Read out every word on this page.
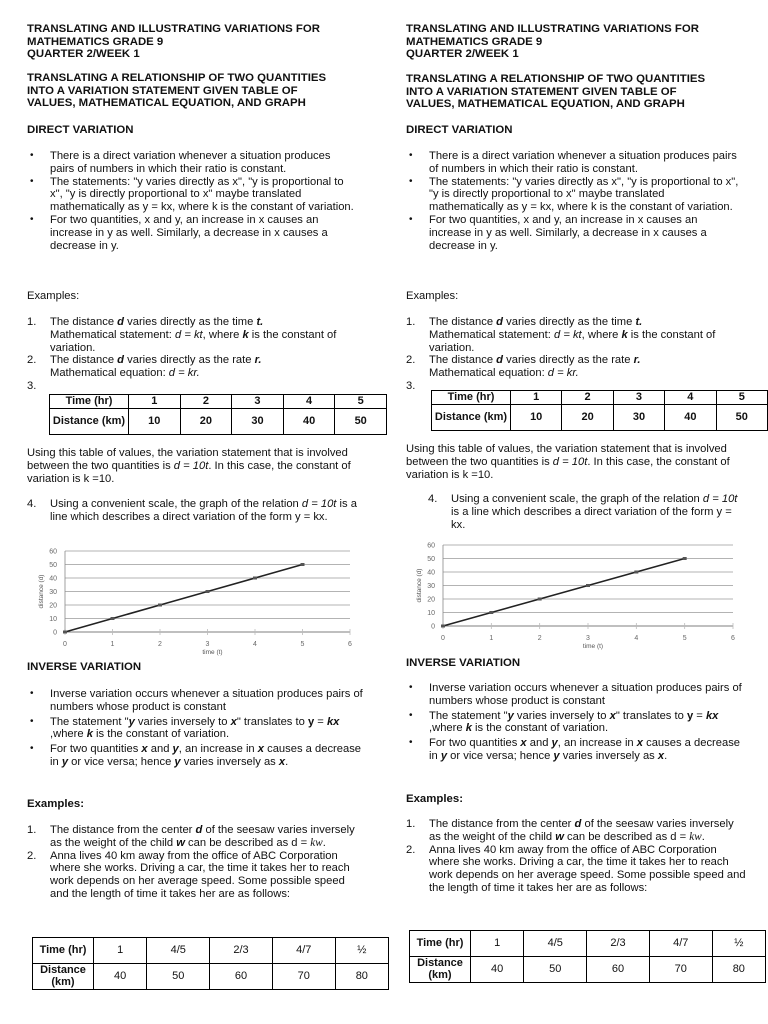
TRANSLATING AND ILLUSTRATING VARIATIONS FOR

MATHEMATICS GRADE 9

QUARTER 2/WEEK 1

TRANSLATING A RELATIONSHIP OF TWO QUANTITIES

INTO A VARIATION STATEMENT GIVEN TABLE OF

VALUES, MATHEMATICAL EQUATION, AND GRAPH

DIRECT VARIATION

• There is a direct variation whenever a situation produces pairs of numbers in which their ratio is constant.
• The statements: "y varies directly as x", "y is proportional to x", "y is directly proportional to x" maybe translated mathematically as y = kx, where k is the constant of variation.
• For two quantities, x and y, an increase in x causes an increase in y as well. Similarly, a decrease in x causes a decrease in y.

Examples:

1. The distance d varies directly as the time t.
Mathematical statement: d = kt, where k is the constant of variation.
2. The distance d varies directly as the rate r.
Mathematical equation: d = kr.
3.

Time (hr)	1	2	3	4	5
Distance (km)	10	20	30	40	50

Using this table of values, the variation statement that is involved between the two quantities is d = 10t. In this case, the constant of variation is k =10.

4. Using a convenient scale, the graph of the relation d = 10t is a line which describes a direct variation of the form y = kx.

INVERSE VARIATION

• Inverse variation occurs whenever a situation produces pairs of numbers whose product is constant
• The statement "y varies inversely to x" translates to y = kx ,where k is the constant of variation.
• For two quantities x and y, an increase in x causes a decrease in y or vice versa; hence y varies inversely as x.

Examples:

1. The distance from the center d of the seesaw varies inversely as the weight of the child w can be described as d = kw.
2. Anna lives 40 km away from the office of ABC Corporation where she works. Driving a car, the time it takes her to reach work depends on her average speed. Some possible speed and the length of time it takes her are as follows:
Time (hr)	1	4/5	2/3	4/7	½
Distance (km)	40	50	60	70	80
0
10
20
30
40
50
60
0	1	2	3	4	5	6
time (t)
distance (d)

TRANSLATING AND ILLUSTRATING VARIATIONS FOR

MATHEMATICS GRADE 9

QUARTER 2/WEEK 1

TRANSLATING A RELATIONSHIP OF TWO QUANTITIES

INTO A VARIATION STATEMENT GIVEN TABLE OF

VALUES, MATHEMATICAL EQUATION, AND GRAPH

DIRECT VARIATION

• There is a direct variation whenever a situation produces pairs of numbers in which their ratio is constant.
• The statements: "y varies directly as x", "y is proportional to x", "y is directly proportional to x" maybe translated mathematically as y = kx, where k is the constant of variation.
• For two quantities, x and y, an increase in x causes an increase in y as well. Similarly, a decrease in x causes a decrease in y.

Examples:

1. The distance d varies directly as the time t.
Mathematical statement: d = kt, where k is the constant of variation.
2. The distance d varies directly as the rate r.
Mathematical equation: d = kr.
3.

Time (hr)	1	2	3	4	5
Distance (km)	10	20	30	40	50

Using this table of values, the variation statement that is involved between the two quantities is d = 10t. In this case, the constant of variation is k =10.

4. Using a convenient scale, the graph of the relation d = 10t is a line which describes a direct variation of the form y = kx.

INVERSE VARIATION

• Inverse variation occurs whenever a situation produces pairs of numbers whose product is constant
• The statement "y varies inversely to x" translates to y = kx ,where k is the constant of variation.
• For two quantities x and y, an increase in x causes a decrease in y or vice versa; hence y varies inversely as x.

Examples:

1. The distance from the center d of the seesaw varies inversely as the weight of the child w can be described as d = kw.
2. Anna lives 40 km away from the office of ABC Corporation where she works. Driving a car, the time it takes her to reach work depends on her average speed. Some possible speed and the length of time it takes her are as follows:
Time (hr)	1	4/5	2/3	4/7	½
Distance (km)	40	50	60	70	80
0
10
20
30
40
50
60
0	1	2	3	4	5	6
time (t)
distance (d)
